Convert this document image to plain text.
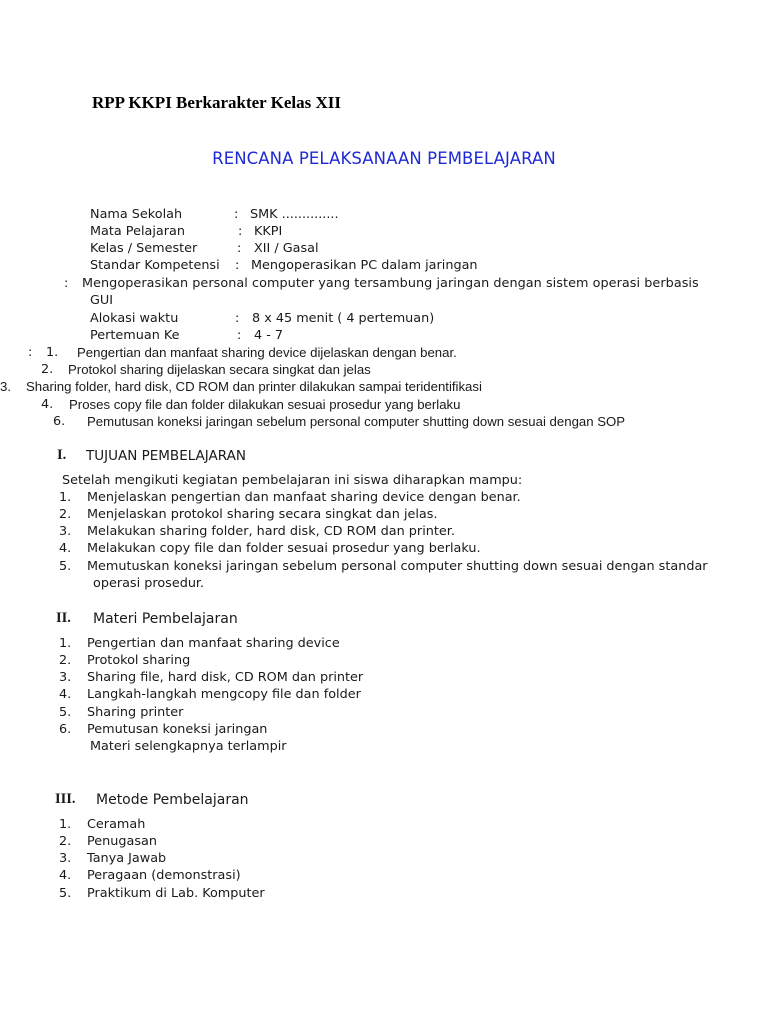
RPP KKPI Berkarakter Kelas XII
RENCANA PELAKSANAAN PEMBELAJARAN
Nama Sekolah	: SMK ..............
Mata Pelajaran	: KKPI
Kelas / Semester	: XII / Gasal
Standar Kompetensi : Mengoperasikan PC dalam jaringan
: Mengoperasikan personal computer yang tersambung jaringan dengan sistem operasi berbasis
GUI
Alokasi waktu	: 8 x 45 menit ( 4 pertemuan)
Pertemuan Ke	: 4 - 7
: 1. Pengertian dan manfaat sharing device dijelaskan dengan benar.
2. Protokol sharing dijelaskan secara singkat dan jelas
3. Sharing folder, hard disk, CD ROM dan printer dilakukan sampai teridentifikasi
4. Proses copy file dan folder dilakukan sesuai prosedur yang berlaku
6. Pemutusan koneksi jaringan sebelum personal computer shutting down sesuai dengan SOP
I. TUJUAN PEMBELAJARAN
Setelah mengikuti kegiatan pembelajaran ini siswa diharapkan mampu:
1. Menjelaskan pengertian dan manfaat sharing device dengan benar.
2. Menjelaskan protokol sharing secara singkat dan jelas.
3. Melakukan sharing folder, hard disk, CD ROM dan printer.
4. Melakukan copy file dan folder sesuai prosedur yang berlaku.
5. Memutuskan koneksi jaringan sebelum personal computer shutting down sesuai dengan standar
operasi prosedur.
II. Materi Pembelajaran
1. Pengertian dan manfaat sharing device
2. Protokol sharing
3. Sharing file, hard disk, CD ROM dan printer
4. Langkah-langkah mengcopy file dan folder
5. Sharing printer
6. Pemutusan koneksi jaringan
Materi selengkapnya terlampir
III. Metode Pembelajaran
1. Ceramah
2. Penugasan
3. Tanya Jawab
4. Peragaan (demonstrasi)
5. Praktikum di Lab. Komputer
